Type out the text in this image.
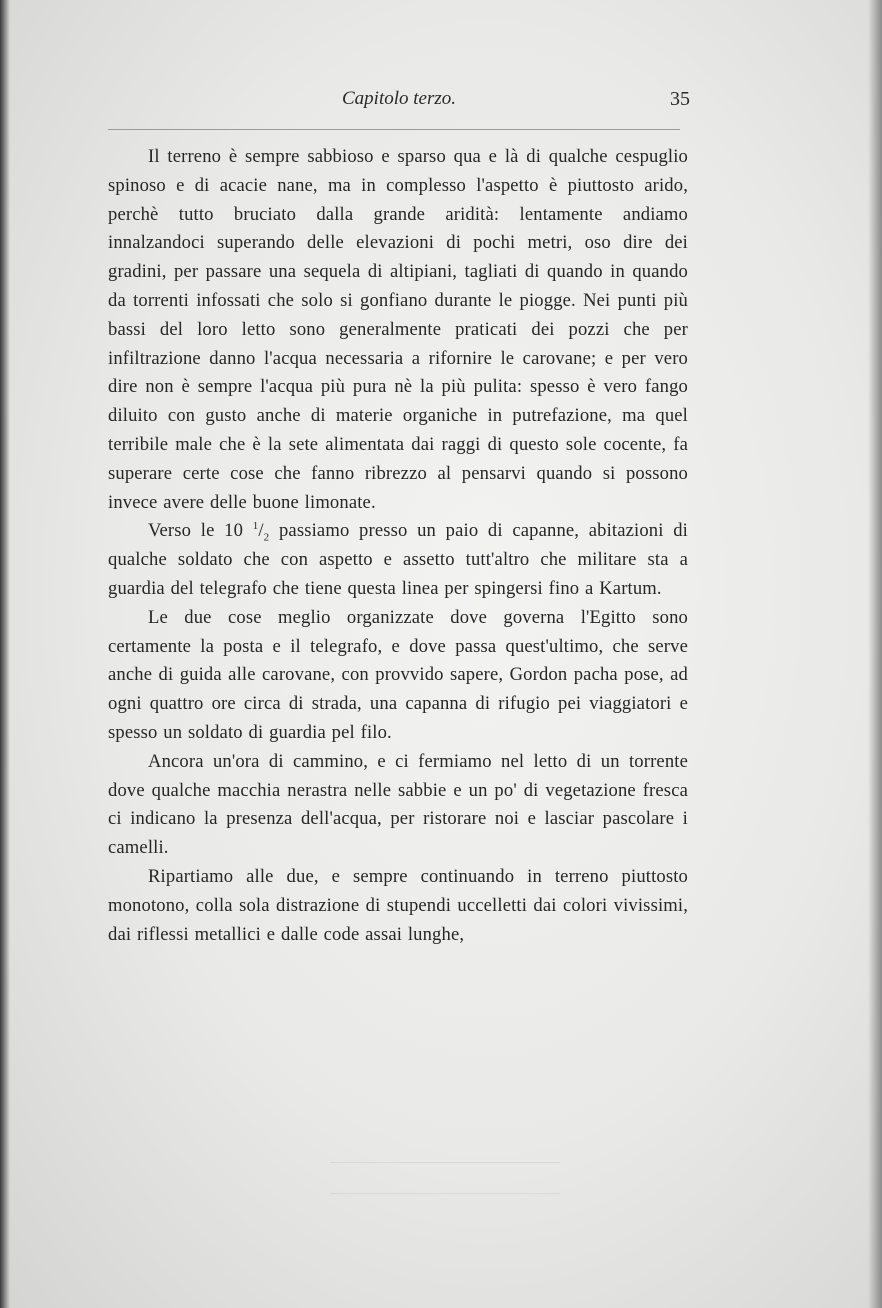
Capitolo terzo.	35

Il terreno è sempre sabbioso e sparso qua e là di qualche cespuglio spinoso e di acacie nane, ma in complesso l'aspetto è piuttosto arido, perchè tutto bruciato dalla grande aridità: lentamente andiamo innalzandoci superando delle elevazioni di pochi metri, oso dire dei gradini, per passare una sequela di altipiani, tagliati di quando in quando da torrenti infossati che solo si gonfiano durante le piogge. Nei punti più bassi del loro letto sono generalmente praticati dei pozzi che per infiltrazione danno l'acqua necessaria a rifornire le carovane; e per vero dire non è sempre l'acqua più pura nè la più pulita: spesso è vero fango diluito con gusto anche di materie organiche in putrefazione, ma quel terribile male che è la sete alimentata dai raggi di questo sole cocente, fa superare certe cose che fanno ribrezzo al pensarvi quando si possono invece avere delle buone limonate.

Verso le 10 $^1/_2$ passiamo presso un paio di capanne, abitazioni di qualche soldato che con aspetto e assetto tutt'altro che militare sta a guardia del telegrafo che tiene questa linea per spingersi fino a Kartum.

Le due cose meglio organizzate dove governa l'Egitto sono certamente la posta e il telegrafo, e dove passa quest'ultimo, che serve anche di guida alle carovane, con provvido sapere, Gordon pacha pose, ad ogni quattro ore circa di strada, una capanna di rifugio pei viaggiatori e spesso un soldato di guardia pel filo.

Ancora un'ora di cammino, e ci fermiamo nel letto di un torrente dove qualche macchia nerastra nelle sabbie e un po' di vegetazione fresca ci indicano la presenza dell'acqua, per ristorare noi e lasciar pascolare i camelli.

Ripartiamo alle due, e sempre continuando in terreno piuttosto monotono, colla sola distrazione di stupendi uccelletti dai colori vivissimi, dai riflessi metallici e dalle code assai lunghe,
